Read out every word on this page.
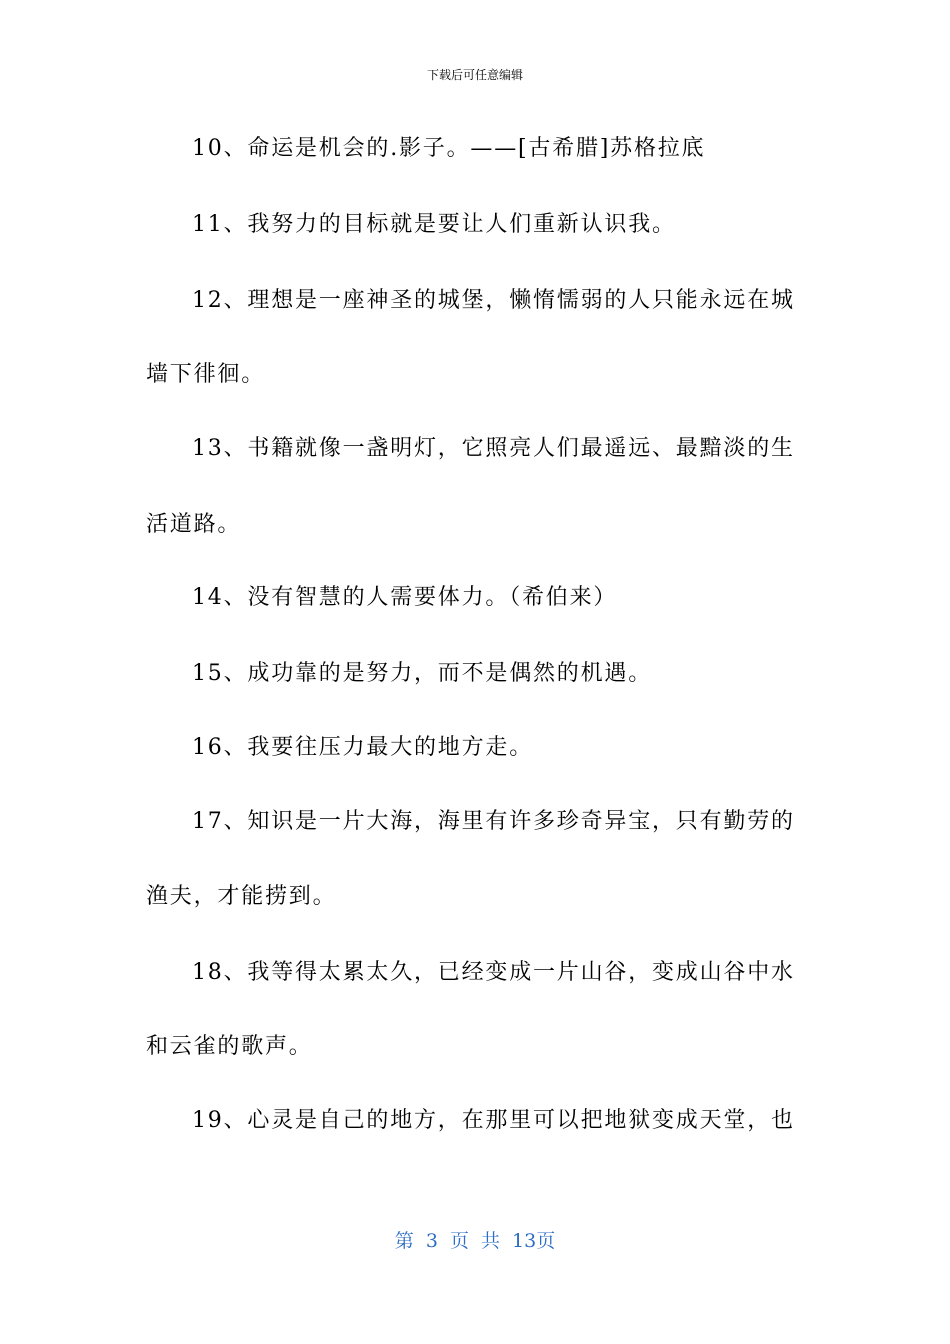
下载后可任意编辑
10、命运是机会的.影子。——[古希腊]苏格拉底
11、我努力的目标就是要让人们重新认识我。
12、理想是一座神圣的城堡，懒惰懦弱的人只能永远在城
墙下徘徊。
13、书籍就像一盏明灯，它照亮人们最遥远、最黯淡的生
活道路。
14、没有智慧的人需要体力。（希伯来）
15、成功靠的是努力，而不是偶然的机遇。
16、我要往压力最大的地方走。
17、知识是一片大海，海里有许多珍奇异宝，只有勤劳的
渔夫，才能捞到。
18、我等得太累太久，已经变成一片山谷，变成山谷中水
和云雀的歌声。
19、心灵是自己的地方，在那里可以把地狱变成天堂，也
第 3 页 共 13页
